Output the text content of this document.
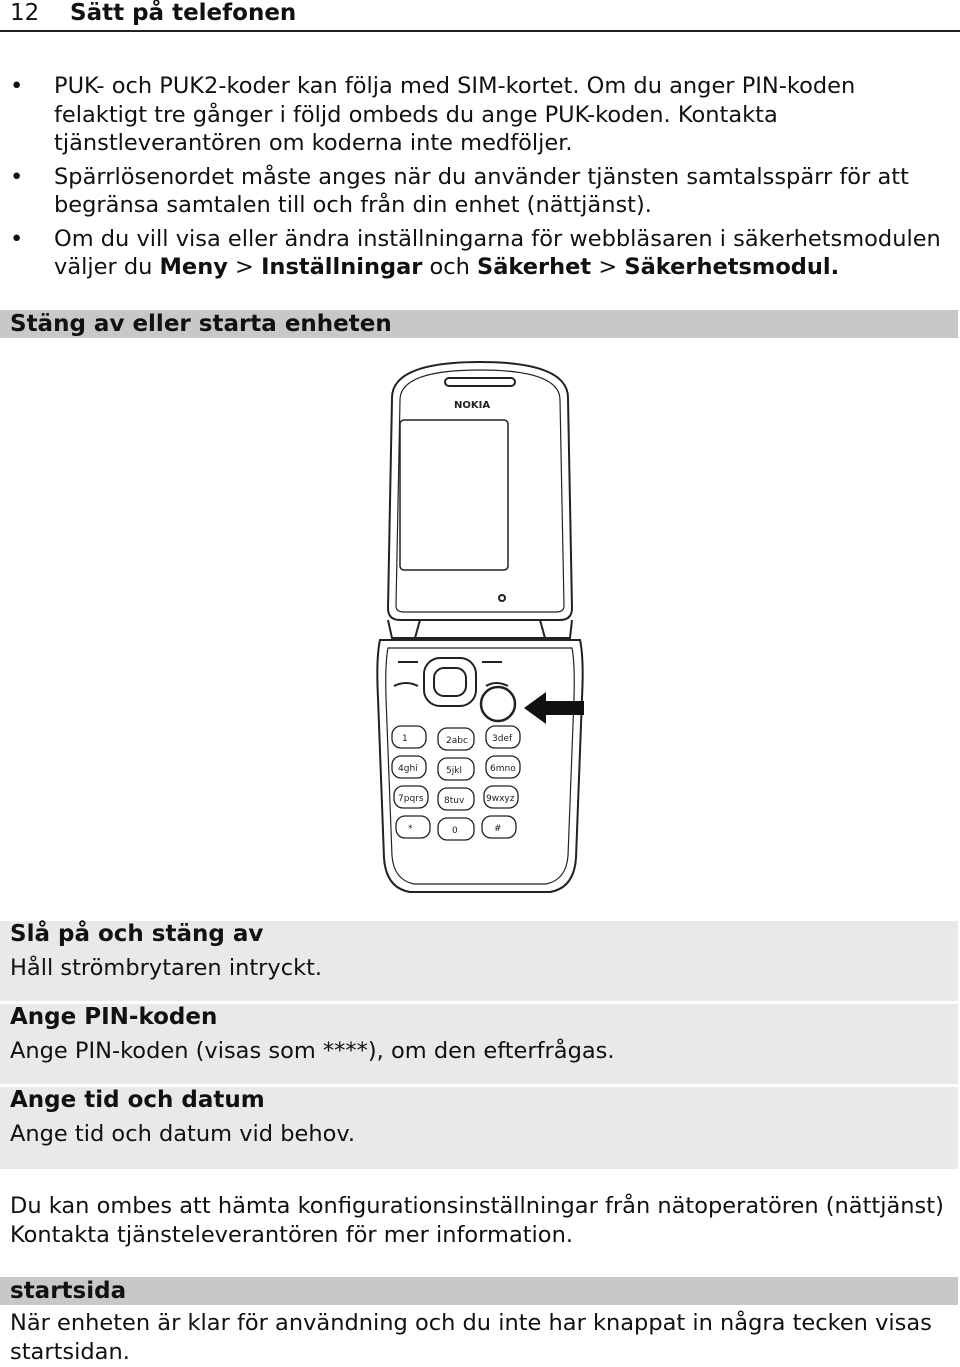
12 Sätt på telefonen
• PUK- och PUK2-koder kan följa med SIM-kortet. Om du anger PIN-koden felaktigt tre gånger i följd ombeds du ange PUK-koden. Kontakta tjänstleverantören om koderna inte medföljer.
• Spärrlösenordet måste anges när du använder tjänsten samtalsspärr för att begränsa samtalen till och från din enhet (nättjänst).
• Om du vill visa eller ändra inställningarna för webbläsaren i säkerhetsmodulen väljer du Meny > Inställningar och Säkerhet > Säkerhetsmodul.
Stäng av eller starta enheten
NOKIA
1	2abc	3def
4ghi	5jkl	6mno
7pqrs 8tuv 9wxyz
*	0	#
Slå på och stäng av
Håll strömbrytaren intryckt.
Ange PIN-koden
Ange PIN-koden (visas som ****), om den efterfrågas.
Ange tid och datum
Ange tid och datum vid behov.
Du kan ombes att hämta konfigurationsinställningar från nätoperatören (nättjänst) Kontakta tjänsteleverantören för mer information.
startsida
När enheten är klar för användning och du inte har knappat in några tecken visas startsidan.
